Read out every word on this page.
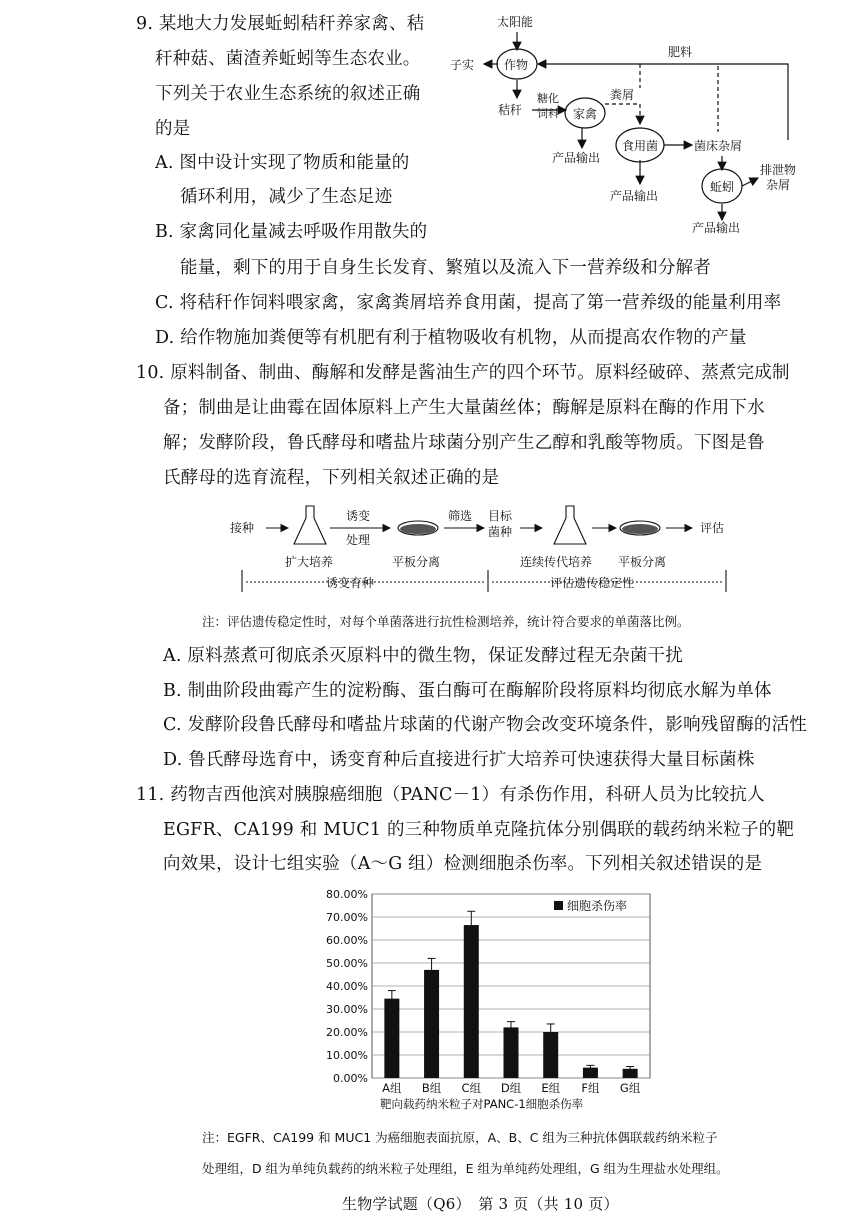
9. 某地大力发展蚯蚓秸秆养家禽、秸
秆种菇、菌渣养蚯蚓等生态农业。
下列关于农业生态系统的叙述正确
的是
A. 图中设计实现了物质和能量的
循环利用，减少了生态足迹
B. 家禽同化量减去呼吸作用散失的
能量，剩下的用于自身生长发育、繁殖以及流入下一营养级和分解者
C. 将秸秆作饲料喂家禽，家禽粪屑培养食用菌，提高了第一营养级的能量利用率
D. 给作物施加粪便等有机肥有利于植物吸收有机物，从而提高农作物的产量
太阳能
作物
子实
肥料
秸秆
糖化
饲料 家禽
粪屑
食用菌	菌床杂屑
产品输出
产品输出
产品输出
蚯蚓
排泄物
杂屑
10. 原料制备、制曲、酶解和发酵是酱油生产的四个环节。原料经破碎、蒸煮完成制
备；制曲是让曲霉在固体原料上产生大量菌丝体；酶解是原料在酶的作用下水
解；发酵阶段，鲁氏酵母和嗜盐片球菌分别产生乙醇和乳酸等物质。下图是鲁
氏酵母的选育流程，下列相关叙述正确的是
接种
诱变
处理
筛选 目标
菌种	评估
扩大培养	平板分离	连续传代培养 平板分离
诱变育种	评估遗传稳定性
注：评估遗传稳定性时，对每个单菌落进行抗性检测培养，统计符合要求的单菌落比例。
A. 原料蒸煮可彻底杀灭原料中的微生物，保证发酵过程无杂菌干扰
B. 制曲阶段曲霉产生的淀粉酶、蛋白酶可在酶解阶段将原料均彻底水解为单体
C. 发酵阶段鲁氏酵母和嗜盐片球菌的代谢产物会改变环境条件，影响残留酶的活性
D. 鲁氏酵母选育中，诱变育种后直接进行扩大培养可快速获得大量目标菌株
11. 药物吉西他滨对胰腺癌细胞（PANC－1）有杀伤作用，科研人员为比较抗人
EGFR、CA199 和 MUC1 的三种物质单克隆抗体分别偶联的载药纳米粒子的靶
向效果，设计七组实验（A～G 组）检测细胞杀伤率。下列相关叙述错误的是
0.00%
10.00%
20.00%
30.00%
40.00%
50.00%
60.00%
70.00%
80.00%
A组 B组 C组 D组 E组 F组 G组
细胞杀伤率
靶向载药纳米粒子对PANC-1细胞杀伤率
注：EGFR、CA199 和 MUC1 为癌细胞表面抗原，A、B、C 组为三种抗体偶联载药纳米粒子
处理组，D 组为单纯负载药的纳米粒子处理组，E 组为单纯药处理组，G 组为生理盐水处理组。
生物学试题（Q6）　第 3 页（共 10 页）
